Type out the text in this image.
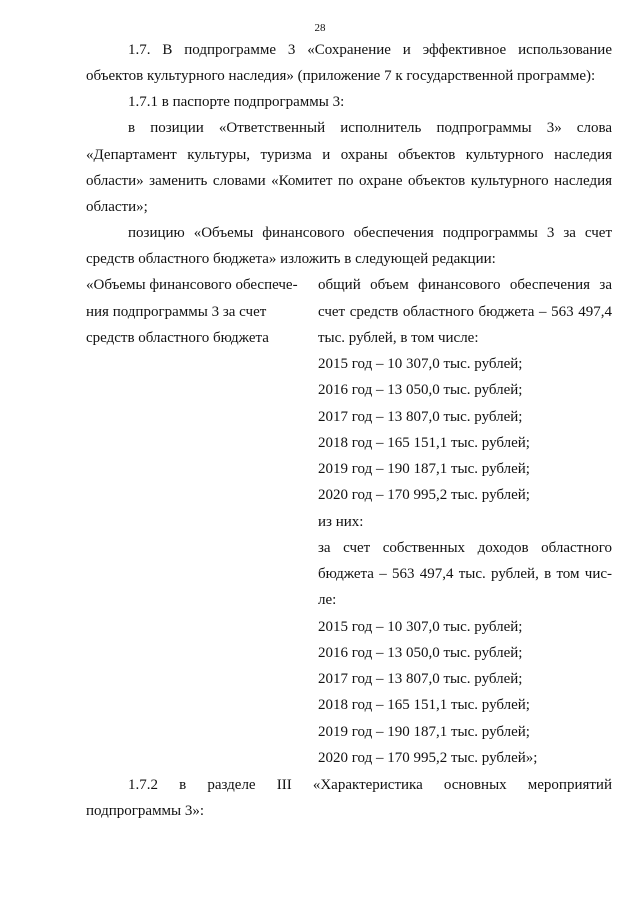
28
1.7. В подпрограмме 3 «Сохранение и эффективное использование
объектов культурного наследия» (приложение 7 к государственной программе):
1.7.1 в паспорте подпрограммы 3:
в позиции «Ответственный исполнитель подпрограммы 3» слова
«Департамент культуры, туризма и охраны объектов культурного наследия
области» заменить словами «Комитет по охране объектов культурного наследия
области»;
позицию «Объемы финансового обеспечения подпрограммы 3 за счет
средств областного бюджета» изложить в следующей редакции:
«Объемы финансового обеспече-
ния подпрограммы 3 за счет
средств областного бюджета
общий объем финансового обеспечения за
счет средств областного бюджета – 563 497,4
тыс. рублей, в том числе:
2015 год – 10 307,0 тыс. рублей;
2016 год – 13 050,0 тыс. рублей;
2017 год – 13 807,0 тыс. рублей;
2018 год – 165 151,1 тыс. рублей;
2019 год – 190 187,1 тыс. рублей;
2020 год – 170 995,2 тыс. рублей;
из них:
за счет собственных доходов областного
бюджета – 563 497,4 тыс. рублей, в том чис-
ле:
2015 год – 10 307,0 тыс. рублей;
2016 год – 13 050,0 тыс. рублей;
2017 год – 13 807,0 тыс. рублей;
2018 год – 165 151,1 тыс. рублей;
2019 год – 190 187,1 тыс. рублей;
2020 год – 170 995,2 тыс. рублей»;
1.7.2 в разделе III «Характеристика основных мероприятий
подпрограммы 3»:
